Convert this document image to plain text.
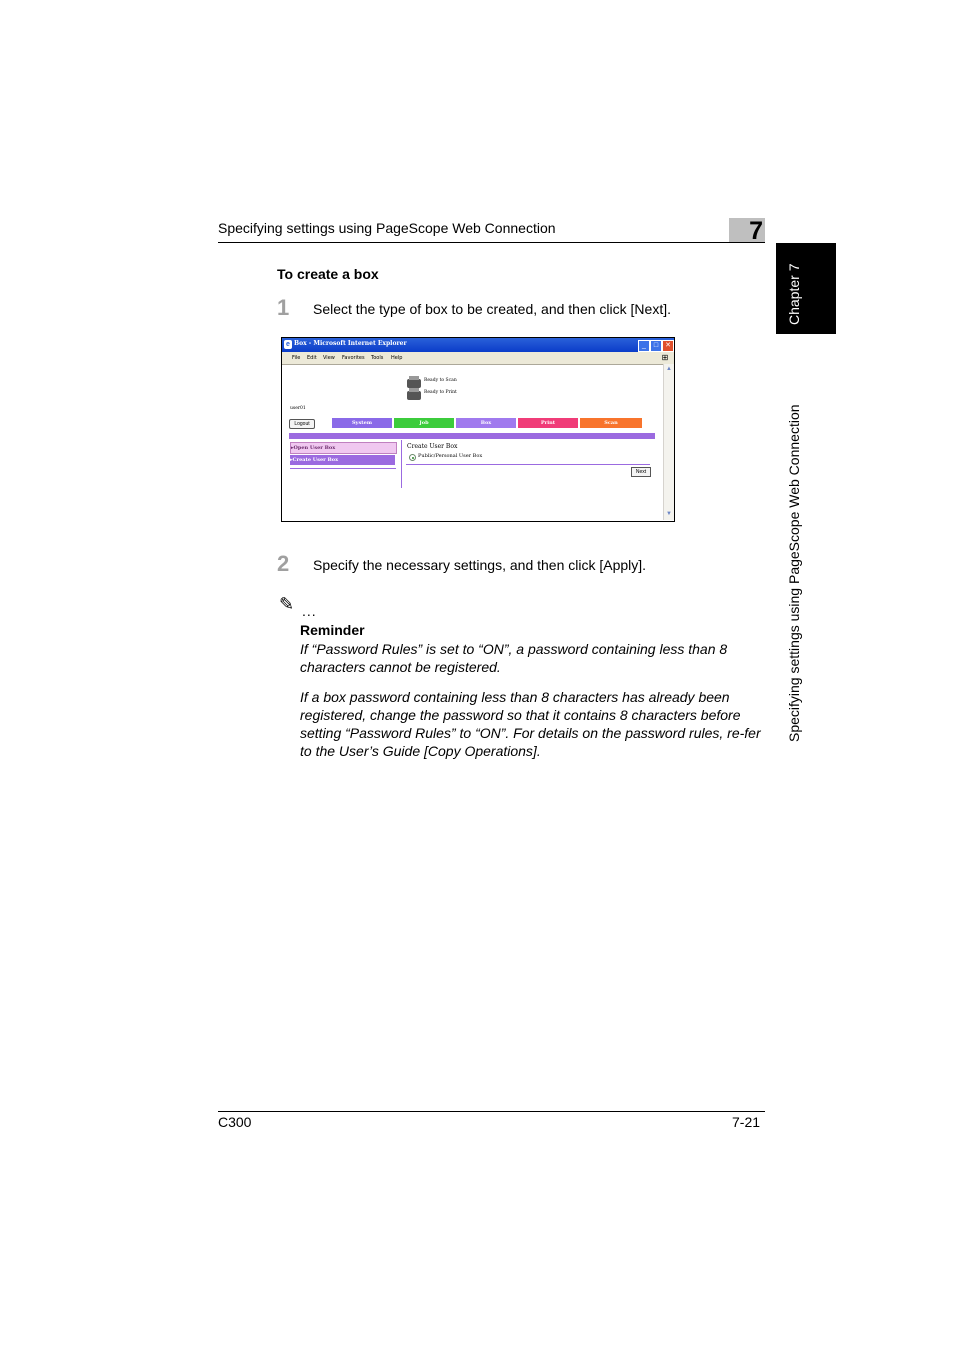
Specifying settings using PageScope Web Connection	7
Chapter 7
Specifying settings using PageScope Web Connection
To create a box
1 Select the type of box to be created, and then click [Next].
e Box - Microsoft Internet Explorer	_	□ ✕
File Edit View Favorites Tools Help	⊞
▲
▼
Ready to Scan
Ready to Print
user01
Logout	System	Job	Box	Print	Scan
▸Open User Box
▸Create User Box
Create User Box
Public/Personal User Box
Next
2 Specify the necessary settings, and then click [Apply].
✎ ...
Reminder
If “Password Rules” is set to “ON”, a password containing less than 8 characters cannot be registered.
If a box password containing less than 8 characters has already been registered, change the password so that it contains 8 characters before setting “Password Rules” to “ON”. For details on the password rules, re-fer to the User’s Guide [Copy Operations].
C300	7-21
